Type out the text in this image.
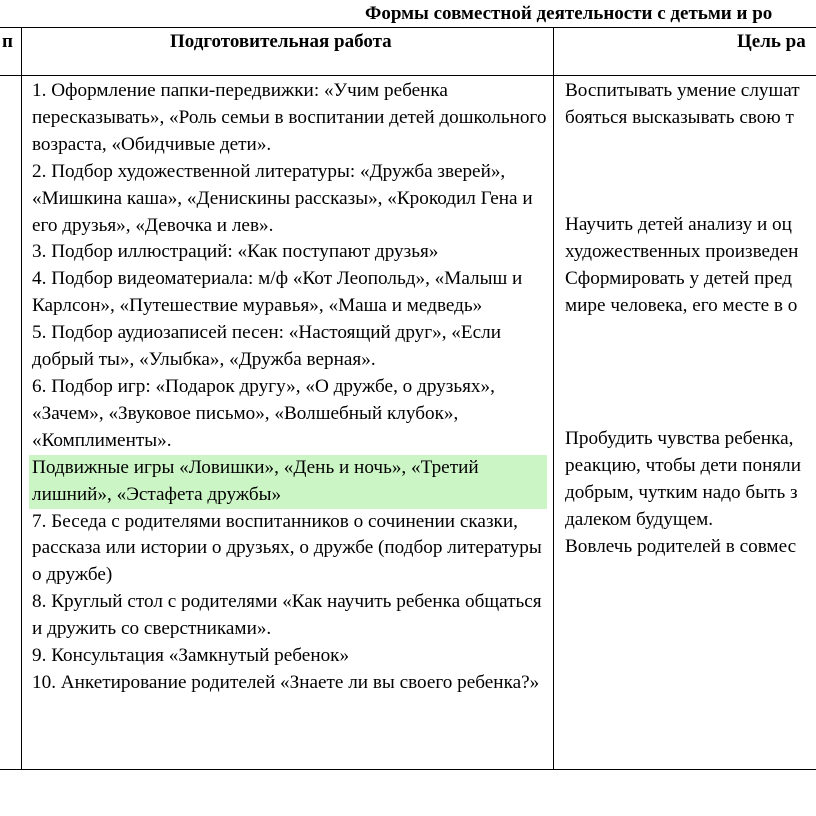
Формы совместной деятельности с детьми и ро
п	Подготовительная работа	Цель ра
1. Оформление папки-передвижки: «Учим ребенка пересказывать», «Роль семьи в воспитании детей дошкольного возраста, «Обидчивые дети».
2. Подбор художественной литературы: «Дружба зверей», «Мишкина каша», «Денискины рассказы», «Крокодил Гена и его друзья», «Девочка и лев».
3. Подбор иллюстраций: «Как поступают друзья»
4. Подбор видеоматериала: м/ф «Кот Леопольд», «Малыш и Карлсон», «Путешествие муравья», «Маша и медведь»
5. Подбор аудиозаписей песен: «Настоящий друг», «Если добрый ты», «Улыбка», «Дружба верная».
6. Подбор игр: «Подарок другу», «О дружбе, о друзьях», «Зачем», «Звуковое письмо», «Волшебный клубок», «Комплименты».
Подвижные игры «Ловишки», «День и ночь», «Третий лишний», «Эстафета дружбы»
7. Беседа с родителями воспитанников о сочинении сказки, рассказа или истории о друзьях, о дружбе (подбор литературы о дружбе)
8. Круглый стол с родителями «Как научить ребенка общаться и дружить со сверстниками».
9. Консультация «Замкнутый ребенок»
10. Анкетирование родителей «Знаете ли вы своего ребенка?»
Воспитывать умение слушат
бояться высказывать свою т
Научить детей анализу и оц
художественных произведен
Сформировать у детей пред
мире человека, его месте в о
Пробудить чувства ребенка,
реакцию, чтобы дети поняли
добрым, чутким надо быть з
далеком будущем.
Вовлечь родителей в совмес
